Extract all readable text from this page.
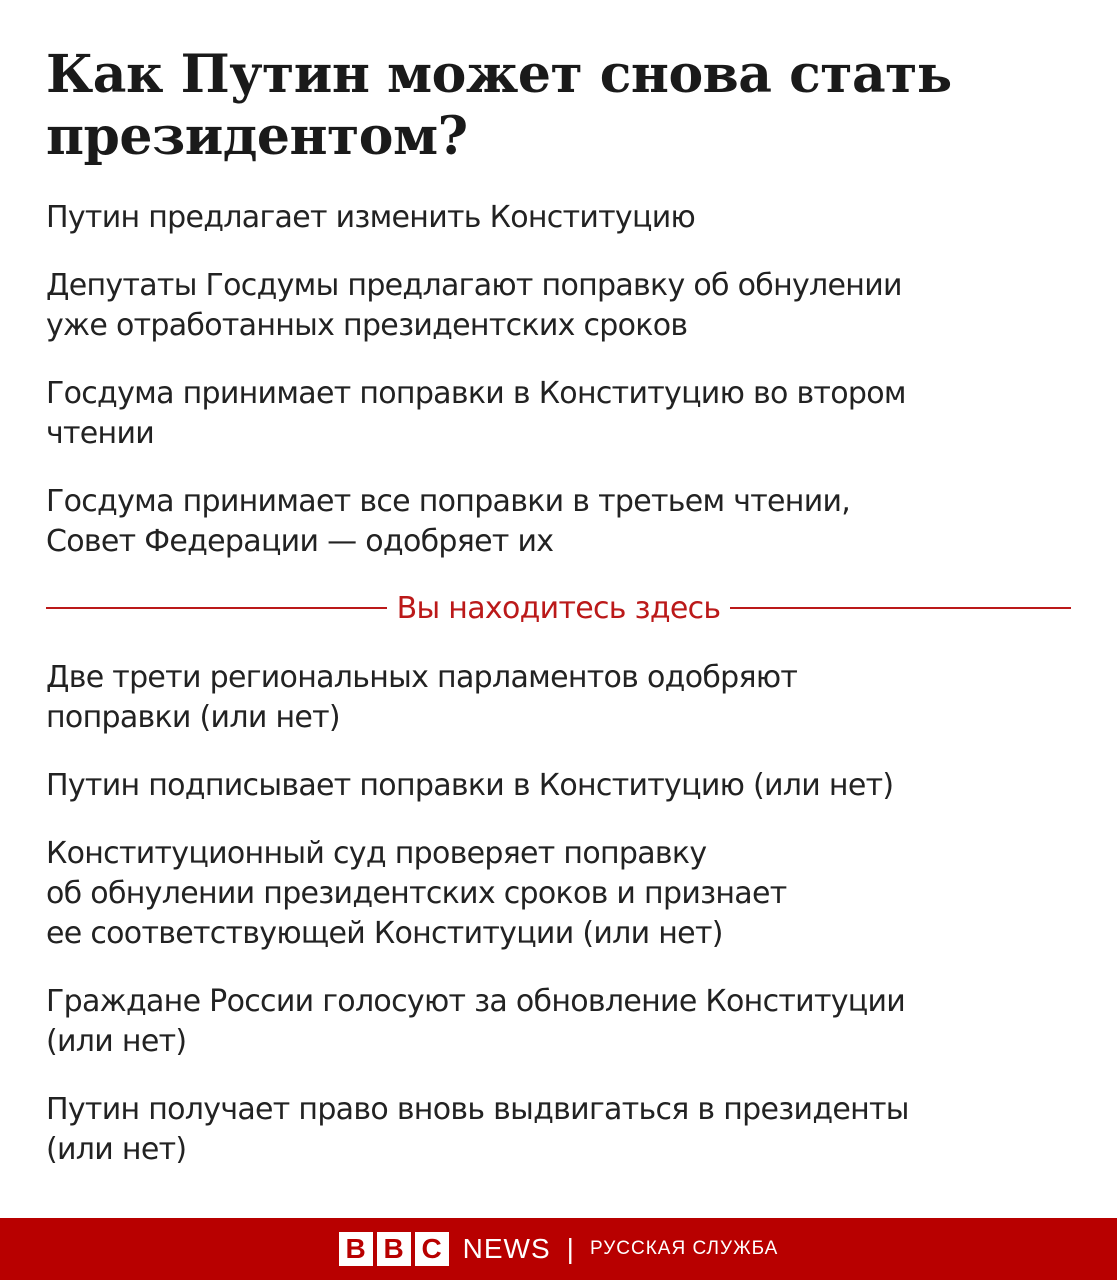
Как Путин может снова стать президентом?
Путин предлагает изменить Конституцию
Депутаты Госдумы предлагают поправку об обнулении
уже отработанных президентских сроков
Госдума принимает поправки в Конституцию во втором
чтении
Госдума принимает все поправки в третьем чтении,
Совет Федерации — одобряет их
Вы находитесь здесь
Две трети региональных парламентов одобряют
поправки (или нет)
Путин подписывает поправки в Конституцию (или нет)
Конституционный суд проверяет поправку
об обнулении президентских сроков и признает
ее соответствующей Конституции (или нет)
Граждане России голосуют за обновление Конституции
(или нет)
Путин получает право вновь выдвигаться в президенты
(или нет)
B B C NEWS | РУССКАЯ СЛУЖБА
